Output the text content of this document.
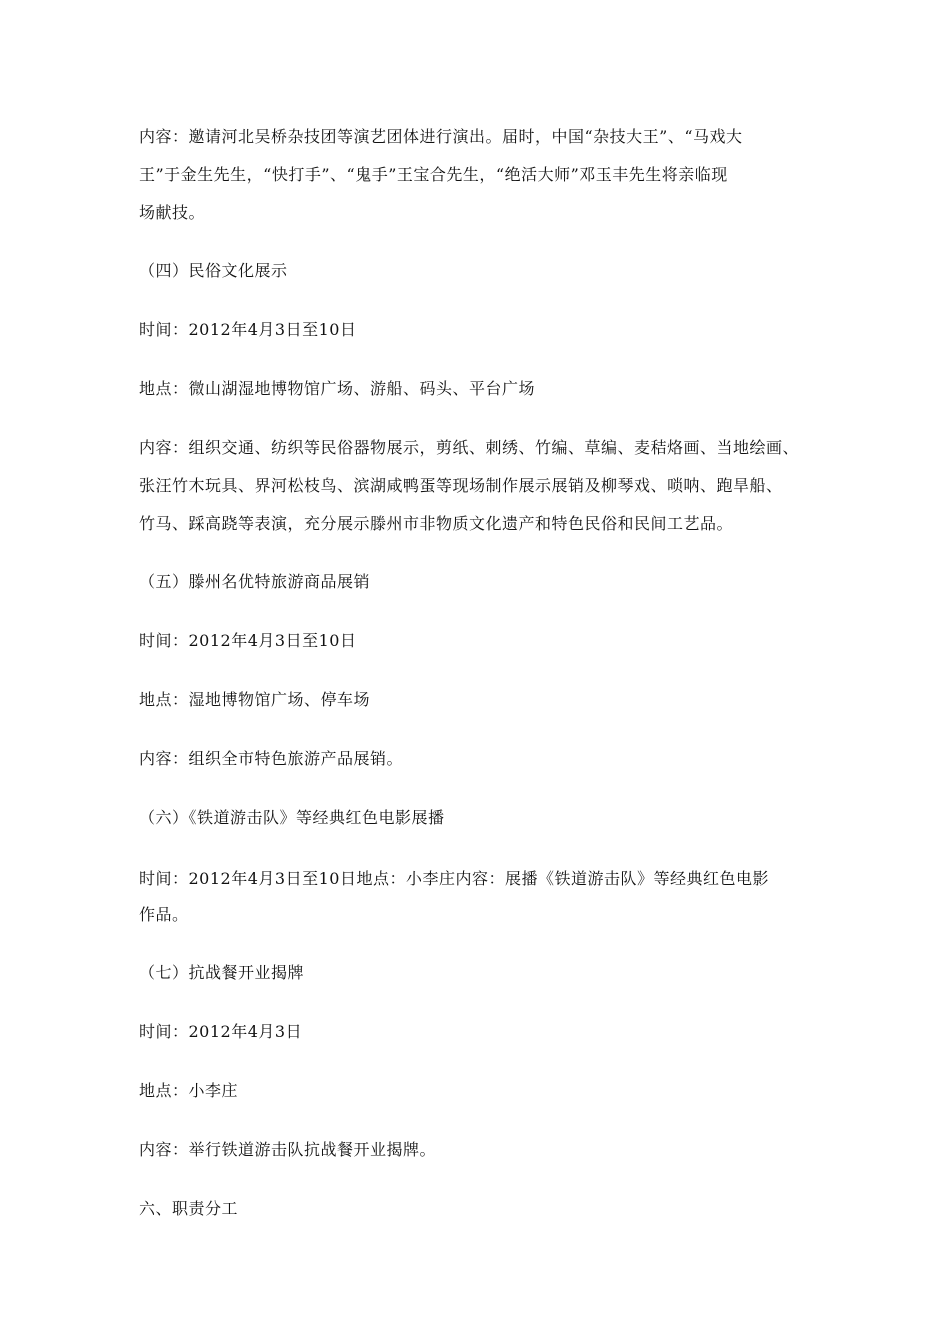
内容：邀请河北吴桥杂技团等演艺团体进行演出。届时，中国“杂技大王”、“马戏大
王”于金生先生，“快打手”、“鬼手”王宝合先生，“绝活大师”邓玉丰先生将亲临现
场献技。
（四）民俗文化展示
时间：2012年4月3日至10日
地点：微山湖湿地博物馆广场、游船、码头、平台广场
内容：组织交通、纺织等民俗器物展示，剪纸、刺绣、竹编、草编、麦秸烙画、当地绘画、
张汪竹木玩具、界河松枝鸟、滨湖咸鸭蛋等现场制作展示展销及柳琴戏、唢呐、跑旱船、
竹马、踩高跷等表演，充分展示滕州市非物质文化遗产和特色民俗和民间工艺品。
（五）滕州名优特旅游商品展销
时间：2012年4月3日至10日
地点：湿地博物馆广场、停车场
内容：组织全市特色旅游产品展销。
（六）《铁道游击队》等经典红色电影展播
时间：2012年4月3日至10日地点：小李庄内容：展播《铁道游击队》等经典红色电影
作品。
（七）抗战餐开业揭牌
时间：2012年4月3日
地点：小李庄
内容：举行铁道游击队抗战餐开业揭牌。
六、职责分工
